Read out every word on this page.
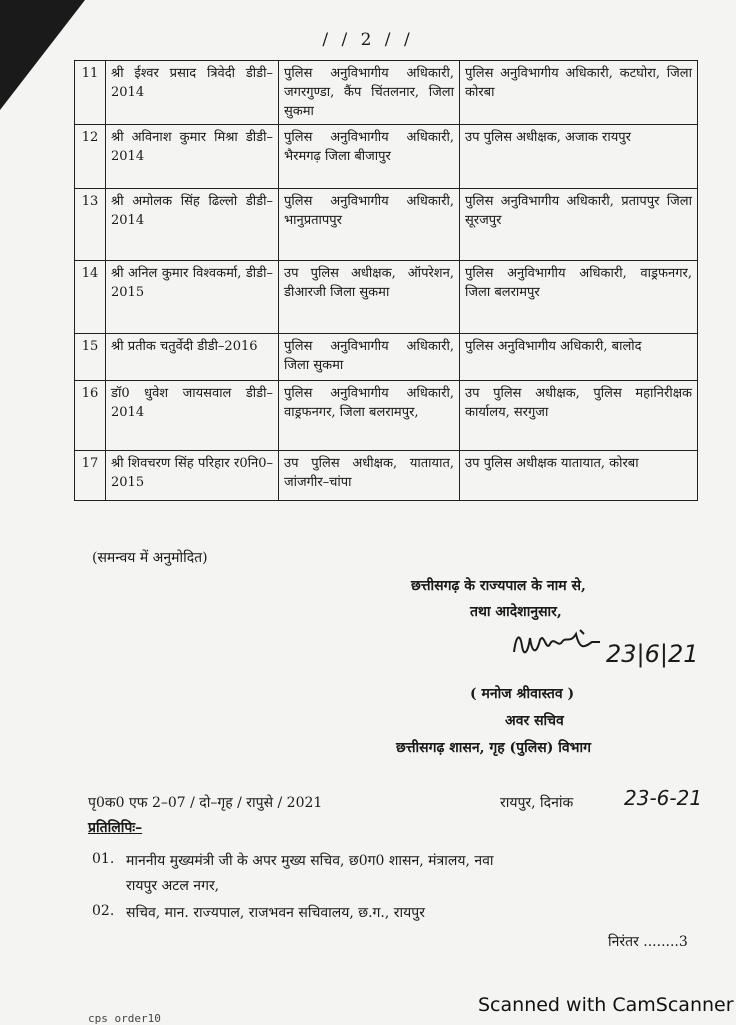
/ / 2 / /
11	श्री ईश्वर प्रसाद त्रिवेदी डीडी–2014	पुलिस अनुविभागीय अधिकारी, जगरगुण्डा, कैंप चिंतलनार, जिला सुकमा	पुलिस अनुविभागीय अधिकारी, कटघोरा, जिला कोरबा
12	श्री अविनाश कुमार मिश्रा डीडी–2014	पुलिस अनुविभागीय अधिकारी, भैरमगढ़ जिला बीजापुर	उप पुलिस अधीक्षक, अजाक रायपुर
13	श्री अमोलक सिंह ढिल्लो डीडी–2014	पुलिस अनुविभागीय अधिकारी, भानुप्रतापपुर	पुलिस अनुविभागीय अधिकारी, प्रतापपुर जिला सूरजपुर
14	श्री अनिल कुमार विश्वकर्मा, डीडी–2015	उप पुलिस अधीक्षक, ऑपरेशन, डीआरजी जिला सुकमा	पुलिस अनुविभागीय अधिकारी, वाड्रफनगर, जिला बलरामपुर
15	श्री प्रतीक चतुर्वेदी डीडी–2016	पुलिस अनुविभागीय अधिकारी, जिला सुकमा	पुलिस अनुविभागीय अधिकारी, बालोद
16	डॉ0 धुवेश जायसवाल डीडी–2014	पुलिस अनुविभागीय अधिकारी, वाड्रफनगर, जिला बलरामपुर,	उप पुलिस अधीक्षक, पुलिस महानिरीक्षक कार्यालय, सरगुजा
17	श्री शिवचरण सिंह परिहार र0नि0–2015	उप पुलिस अधीक्षक, यातायात, जांजगीर–चांपा	उप पुलिस अधीक्षक यातायात, कोरबा
(समन्वय में अनुमोदित)
छत्तीसगढ़ के राज्यपाल के नाम से,
तथा आदेशानुसार,
23|6|21
( मनोज श्रीवास्तव )
अवर सचिव
छत्तीसगढ़ शासन, गृह (पुलिस) विभाग
पृ0क0 एफ 2–07 / दो–गृह / रापुसे / 2021	रायपुर, दिनांक	23-6-21
प्रतिलिपिः–
01. माननीय मुख्यमंत्री जी के अपर मुख्य सचिव, छ0ग0 शासन, मंत्रालय, नवा
रायपुर अटल नगर,
02. सचिव, मान. राज्यपाल, राजभवन सचिवालय, छ.ग., रायपुर
निरंतर ........3
cps order10
Scanned with CamScanner
